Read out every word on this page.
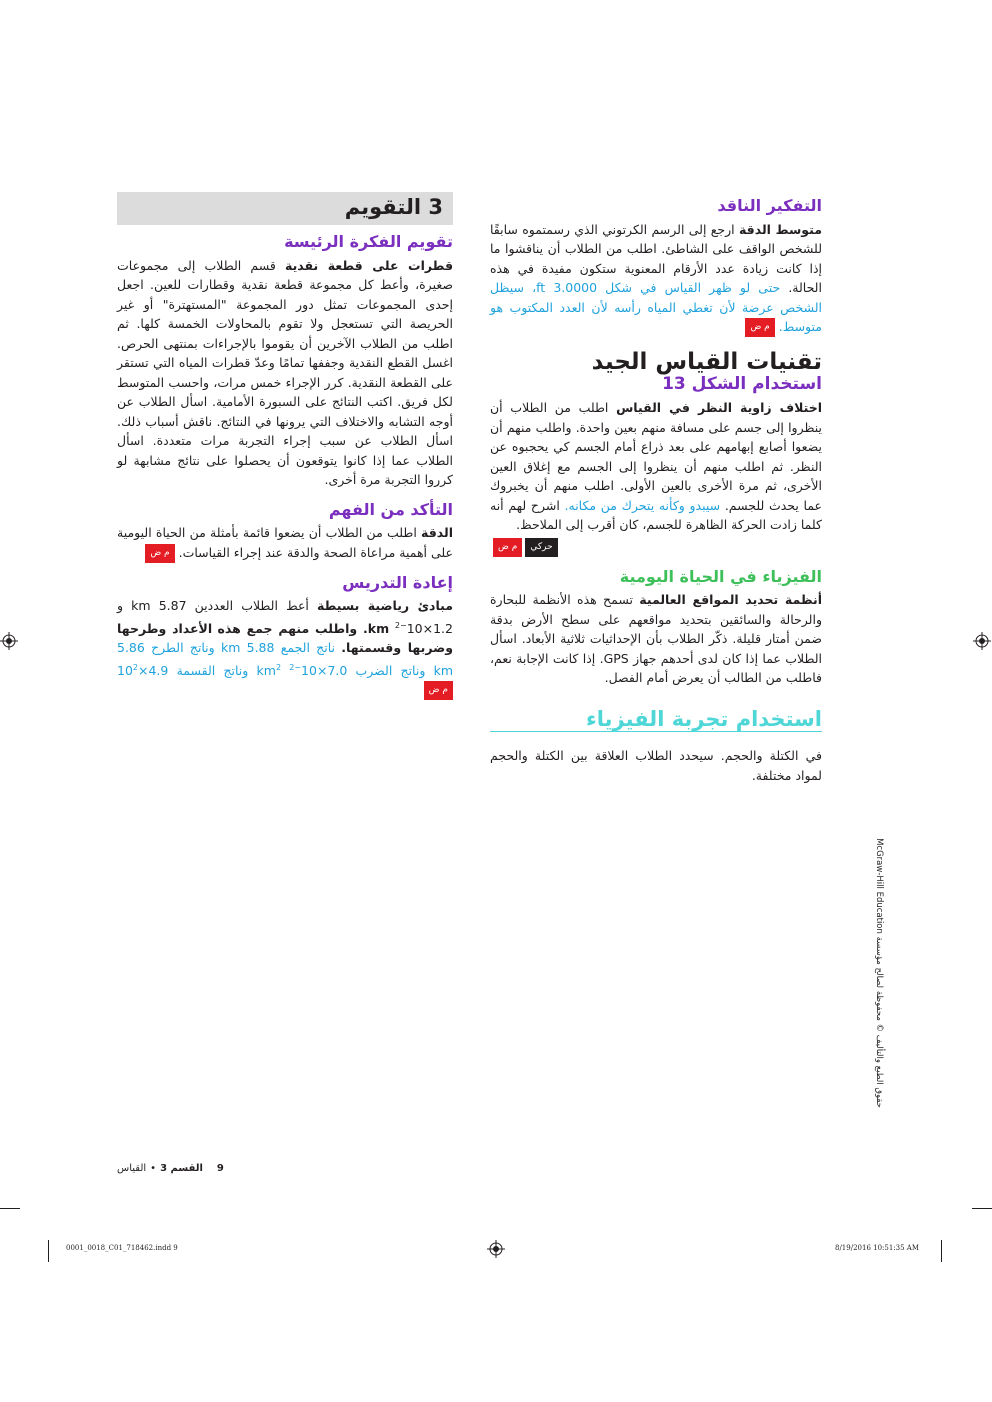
التفكير الناقد

متوسط الدقة ارجع إلى الرسم الكرتوني الذي رسمتموه سابقًا للشخص الواقف على الشاطئ. اطلب من الطلاب أن يناقشوا ما إذا كانت زيادة عدد الأرقام المعنوية ستكون مفيدة في هذه الحالة. حتى لو ظهر القياس في شكل 3.0000 ft، سيظل الشخص عرضة لأن تغطي المياه رأسه لأن العدد المكتوب هو متوسط. م ض

تقنيات القياس الجيد

استخدام الشكل 13

اختلاف زاوية النظر في القياس اطلب من الطلاب أن ينظروا إلى جسم على مسافة منهم بعين واحدة. واطلب منهم أن يضعوا أصابع إبهامهم على بعد ذراع أمام الجسم كي يحجبوه عن النظر. ثم اطلب منهم أن ينظروا إلى الجسم مع إغلاق العين الأخرى، ثم مرة الأخرى بالعين الأولى. اطلب منهم أن يخبروك عما يحدث للجسم. سيبدو وكأنه يتحرك من مكانه. اشرح لهم أنه كلما زادت الحركة الظاهرة للجسم، كان أقرب إلى الملاحظ.

حركيم ض

الفيزياء في الحياة اليومية

أنظمة تحديد المواقع العالمية تسمح هذه الأنظمة للبحارة والرحالة والسائقين بتحديد مواقعهم على سطح الأرض بدقة ضمن أمتار قليلة. ذكّر الطلاب بأن الإحداثيات ثلاثية الأبعاد. اسأل الطلاب عما إذا كان لدى أحدهم جهاز GPS. إذا كانت الإجابة نعم، فاطلب من الطالب أن يعرض أمام الفصل.

استخدام تجربة الفيزياء

في الكتلة والحجم. سيحدد الطلاب العلاقة بين الكتلة والحجم لمواد مختلفة.

3 التقويم

تقويم الفكرة الرئيسة

قطرات على قطعة نقدية قسم الطلاب إلى مجموعات صغيرة، وأعط كل مجموعة قطعة نقدية وقطارات للعين. اجعل إحدى المجموعات تمثل دور المجموعة "المستهترة" أو غير الحريصة التي تستعجل ولا تقوم بالمحاولات الخمسة كلها. ثم اطلب من الطلاب الآخرين أن يقوموا بالإجراءات بمنتهى الحرص. اغسل القطع النقدية وجففها تمامًا وعدّ قطرات المياه التي تستقر على القطعة النقدية. كرر الإجراء خمس مرات، واحسب المتوسط لكل فريق. اكتب النتائج على السبورة الأمامية. اسأل الطلاب عن أوجه التشابه والاختلاف التي يرونها في النتائج. ناقش أسباب ذلك. اسأل الطلاب عن سبب إجراء التجربة مرات متعددة. اسأل الطلاب عما إذا كانوا يتوقعون أن يحصلوا على نتائج مشابهة لو كرروا التجربة مرة أخرى.

التأكد من الفهم

الدقة اطلب من الطلاب أن يضعوا قائمة بأمثلة من الحياة اليومية على أهمية مراعاة الصحة والدقة عند إجراء القياسات. م ض

إعادة التدريس

مبادئ رياضية بسيطة أعط الطلاب العددين 5.87 km و $1.2\times 10^{-2}$ km. واطلب منهم جمع هذه الأعداد وطرحها وضربها وقسمتها. ناتج الجمع 5.88 km وناتج الطرح 5.86 km وناتج الضرب $7.0\times 10^{-2}$ $km^2$ وناتج القسمة $4.9\times 10^2$ م ض

حقوق الطبع والتأليف © محفوظة لصالح مؤسسة McGraw-Hill Education
9
القسم 3
•
القياس
0001_0018_C01_718462.indd 9	8/19/2016 10:51:35 AM
